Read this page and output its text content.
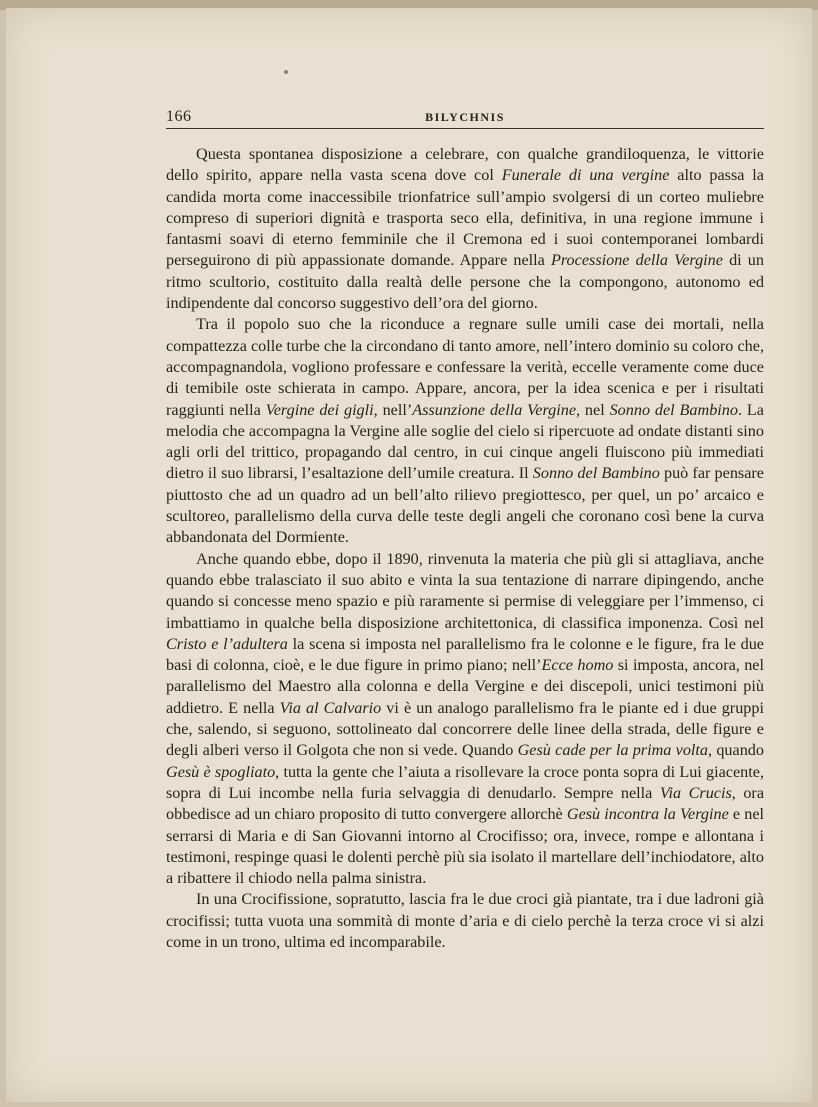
166	BILYCHNIS

Questa spontanea disposizione a celebrare, con qualche grandiloquenza, le vittorie dello spirito, appare nella vasta scena dove col Funerale di una vergine alto passa la candida morta come inaccessibile trionfatrice sull’ampio svolgersi di un corteo muliebre compreso di superiori dignità e trasporta seco ella, definitiva, in una regione immune i fantasmi soavi di eterno femminile che il Cremona ed i suoi contemporanei lombardi perseguirono di più appassionate domande. Appare nella Processione della Vergine di un ritmo scultorio, costituito dalla realtà delle persone che la compongono, autonomo ed indipendente dal concorso suggestivo dell’ora del giorno.

Tra il popolo suo che la riconduce a regnare sulle umili case dei mortali, nella compattezza colle turbe che la circondano di tanto amore, nell’intero dominio su coloro che, accompagnandola, vogliono professare e confessare la verità, eccelle veramente come duce di temibile oste schierata in campo. Appare, ancora, per la idea scenica e per i risultati raggiunti nella Vergine dei gigli, nell’Assunzione della Vergine, nel Sonno del Bambino. La melodia che accompagna la Vergine alle soglie del cielo si ripercuote ad ondate distanti sino agli orli del trittico, propagando dal centro, in cui cinque angeli fluiscono più immediati dietro il suo librarsi, l’esaltazione dell’umile creatura. Il Sonno del Bambino può far pensare piuttosto che ad un quadro ad un bell’alto rilievo pregiottesco, per quel, un po’ arcaico e scultoreo, parallelismo della curva delle teste degli angeli che coronano così bene la curva abbandonata del Dormiente.

Anche quando ebbe, dopo il 1890, rinvenuta la materia che più gli si attagliava, anche quando ebbe tralasciato il suo abito e vinta la sua tentazione di narrare dipingendo, anche quando si concesse meno spazio e più raramente si permise di veleggiare per l’immenso, ci imbattiamo in qualche bella disposizione architettonica, di classifica imponenza. Così nel Cristo e l’adultera la scena si imposta nel parallelismo fra le colonne e le figure, fra le due basi di colonna, cioè, e le due figure in primo piano; nell’Ecce homo si imposta, ancora, nel parallelismo del Maestro alla colonna e della Vergine e dei discepoli, unici testimoni più addietro. E nella Via al Calvario vi è un analogo parallelismo fra le piante ed i due gruppi che, salendo, si seguono, sottolineato dal concorrere delle linee della strada, delle figure e degli alberi verso il Golgota che non si vede. Quando Gesù cade per la prima volta, quando Gesù è spogliato, tutta la gente che l’aiuta a risollevare la croce ponta sopra di Lui giacente, sopra di Lui incombe nella furia selvaggia di denudarlo. Sempre nella Via Crucis, ora obbedisce ad un chiaro proposito di tutto convergere allorchè Gesù incontra la Vergine e nel serrarsi di Maria e di San Giovanni intorno al Crocifisso; ora, invece, rompe e allontana i testimoni, respinge quasi le dolenti perchè più sia isolato il martellare dell’inchiodatore, alto a ribattere il chiodo nella palma sinistra.

In una Crocifissione, sopratutto, lascia fra le due croci già piantate, tra i due ladroni già crocifissi; tutta vuota una sommità di monte d’aria e di cielo perchè la terza croce vi si alzi come in un trono, ultima ed incomparabile.
